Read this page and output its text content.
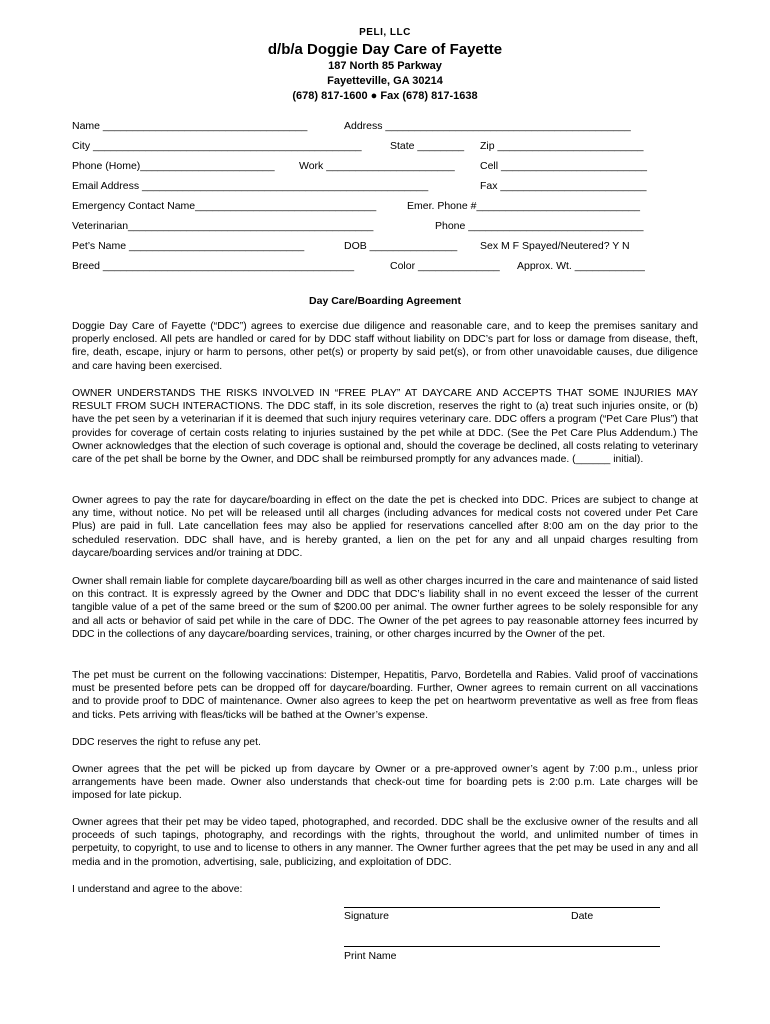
PELI, LLC
d/b/a Doggie Day Care of Fayette
187 North 85 Parkway
Fayetteville, GA 30214
(678) 817-1600 ● Fax (678) 817-1638
Name ___________________________________	Address __________________________________________
City ______________________________________________	State ________ Zip _________________________
Phone (Home)_______________________ Work ______________________ Cell _________________________
Email Address _________________________________________________	Fax _________________________
Emergency Contact Name_______________________________	Emer. Phone #____________________________
Veterinarian__________________________________________	Phone ______________________________
Pet’s Name ______________________________	DOB _______________ Sex M F Spayed/Neutered? Y N
Breed ___________________________________________	Color ______________ Approx. Wt. ____________
Day Care/Boarding Agreement
Doggie Day Care of Fayette (“DDC”) agrees to exercise due diligence and reasonable care, and to keep the premises sanitary and properly enclosed. All pets are handled or cared for by DDC staff without liability on DDC’s part for loss or damage from disease, theft, fire, death, escape, injury or harm to persons, other pet(s) or property by said pet(s), or from other unavoidable causes, due diligence and care having been exercised.
OWNER UNDERSTANDS THE RISKS INVOLVED IN “FREE PLAY” AT DAYCARE AND ACCEPTS THAT SOME INJURIES MAY RESULT FROM SUCH INTERACTIONS. The DDC staff, in its sole discretion, reserves the right to (a) treat such injuries onsite, or (b) have the pet seen by a veterinarian if it is deemed that such injury requires veterinary care. DDC offers a program (“Pet Care Plus”) that provides for coverage of certain costs relating to injuries sustained by the pet while at DDC. (See the Pet Care Plus Addendum.) The Owner acknowledges that the election of such coverage is optional and, should the coverage be declined, all costs relating to veterinary care of the pet shall be borne by the Owner, and DDC shall be reimbursed promptly for any advances made. (______ initial).
Owner agrees to pay the rate for daycare/boarding in effect on the date the pet is checked into DDC. Prices are subject to change at any time, without notice. No pet will be released until all charges (including advances for medical costs not covered under Pet Care Plus) are paid in full. Late cancellation fees may also be applied for reservations cancelled after 8:00 am on the day prior to the scheduled reservation. DDC shall have, and is hereby granted, a lien on the pet for any and all unpaid charges resulting from daycare/boarding services and/or training at DDC.
Owner shall remain liable for complete daycare/boarding bill as well as other charges incurred in the care and maintenance of said listed on this contract. It is expressly agreed by the Owner and DDC that DDC’s liability shall in no event exceed the lesser of the current tangible value of a pet of the same breed or the sum of $200.00 per animal. The owner further agrees to be solely responsible for any and all acts or behavior of said pet while in the care of DDC. The Owner of the pet agrees to pay reasonable attorney fees incurred by DDC in the collections of any daycare/boarding services, training, or other charges incurred by the Owner of the pet.
The pet must be current on the following vaccinations: Distemper, Hepatitis, Parvo, Bordetella and Rabies. Valid proof of vaccinations must be presented before pets can be dropped off for daycare/boarding. Further, Owner agrees to remain current on all vaccinations and to provide proof to DDC of maintenance. Owner also agrees to keep the pet on heartworm preventative as well as free from fleas and ticks. Pets arriving with fleas/ticks will be bathed at the Owner’s expense.
DDC reserves the right to refuse any pet.
Owner agrees that the pet will be picked up from daycare by Owner or a pre-approved owner’s agent by 7:00 p.m., unless prior arrangements have been made. Owner also understands that check-out time for boarding pets is 2:00 p.m. Late charges will be imposed for late pickup.
Owner agrees that their pet may be video taped, photographed, and recorded. DDC shall be the exclusive owner of the results and all proceeds of such tapings, photography, and recordings with the rights, throughout the world, and unlimited number of times in perpetuity, to copyright, to use and to license to others in any manner. The Owner further agrees that the pet may be used in any and all media and in the promotion, advertising, sale, publicizing, and exploitation of DDC.
I understand and agree to the above:
Signature	Date
Print Name
